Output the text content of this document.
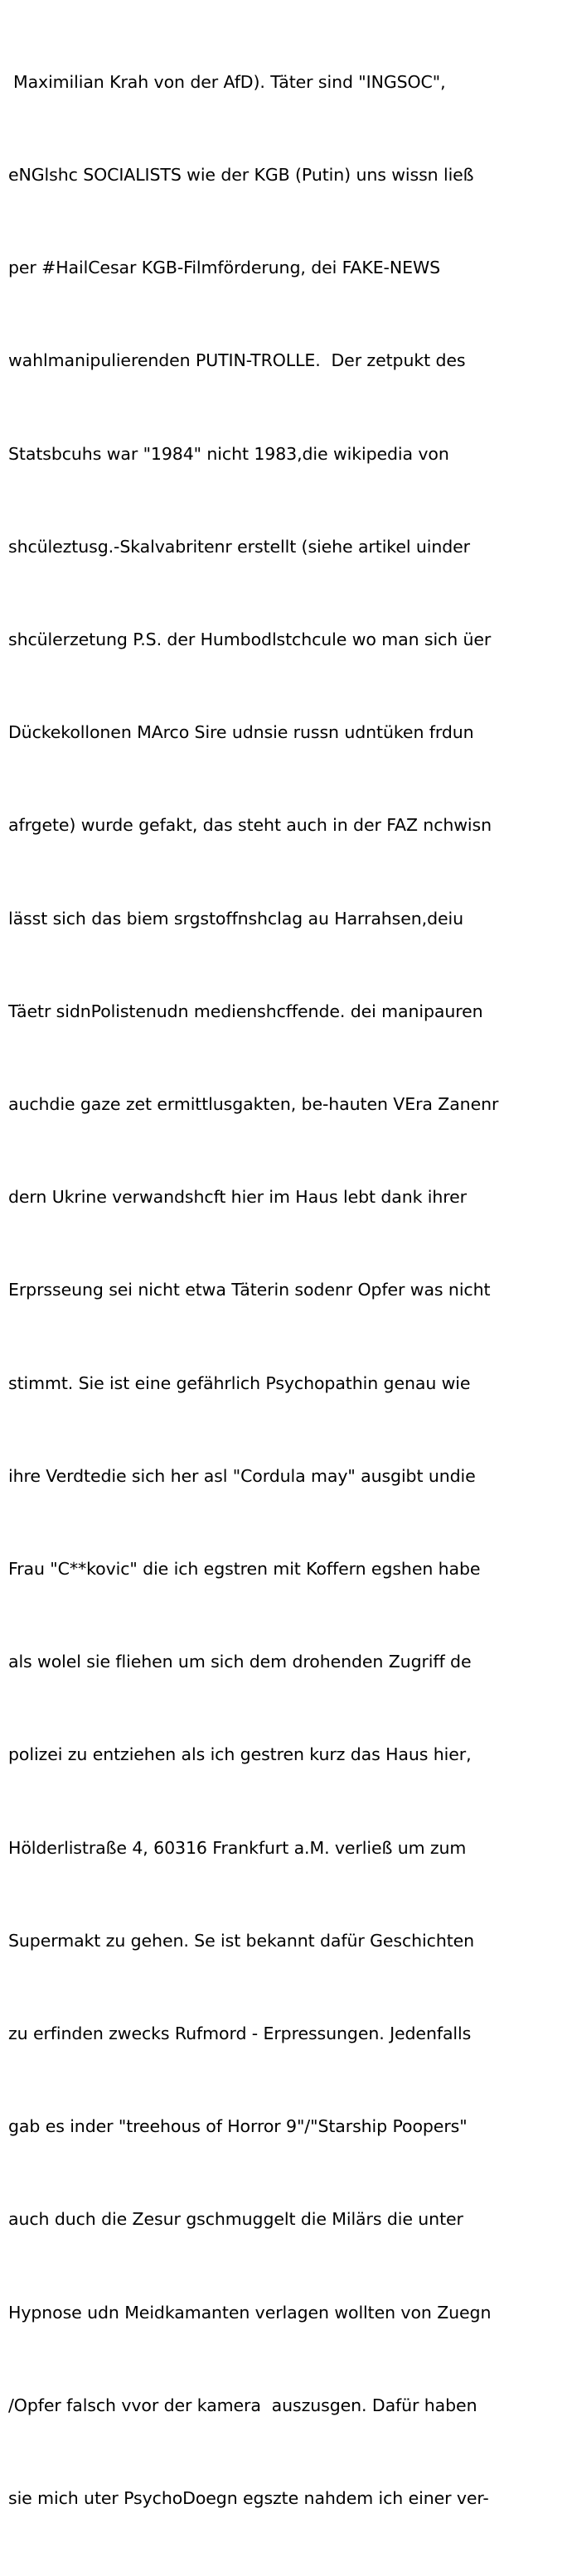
Maximilian Krah von der AfD). Täter sind "INGSOC",

eNGlshc SOCIALISTS wie der KGB (Putin) uns wissn ließ

per #HailCesar KGB-Filmförderung, dei FAKE-NEWS

wahlmanipulierenden PUTIN-TROLLE.  Der zetpukt des

Statsbcuhs war "1984" nicht 1983,die wikipedia von

shcüleztusg.-Skalvabritenr erstellt (siehe artikel uinder

shcülerzetung P.S. der Humbodlstchcule wo man sich üer

Dückekollonen MArco Sire udnsie russn udntüken frdun

afrgete) wurde gefakt, das steht auch in der FAZ nchwisn

lässt sich das biem srgstoffnshclag au Harrahsen,deiu

Täetr sidnPolistenudn medienshcffende. dei manipauren

auchdie gaze zet ermittlusgakten, be-hauten VEra Zanenr

dern Ukrine verwandshcft hier im Haus lebt dank ihrer

Erprsseung sei nicht etwa Täterin sodenr Opfer was nicht

stimmt. Sie ist eine gefährlich Psychopathin genau wie

ihre Verdtedie sich her asl "Cordula may" ausgibt undie

Frau "C**kovic" die ich egstren mit Koffern egshen habe

als wolel sie fliehen um sich dem drohenden Zugriff de

polizei zu entziehen als ich gestren kurz das Haus hier,

Hölderlistraße 4, 60316 Frankfurt a.M. verließ um zum

Supermakt zu gehen. Se ist bekannt dafür Geschichten

zu erfinden zwecks Rufmord - Erpressungen. Jedenfalls

gab es inder "treehous of Horror 9"/"Starship Poopers"

auch duch die Zesur gschmuggelt die Milärs die unter

Hypnose udn Meidkamanten verlagen wollten von Zuegn

/Opfer falsch vvor der kamera  auszusgen. Dafür haben

sie mich uter PsychoDoegn egszte nahdem ich einer ver-
